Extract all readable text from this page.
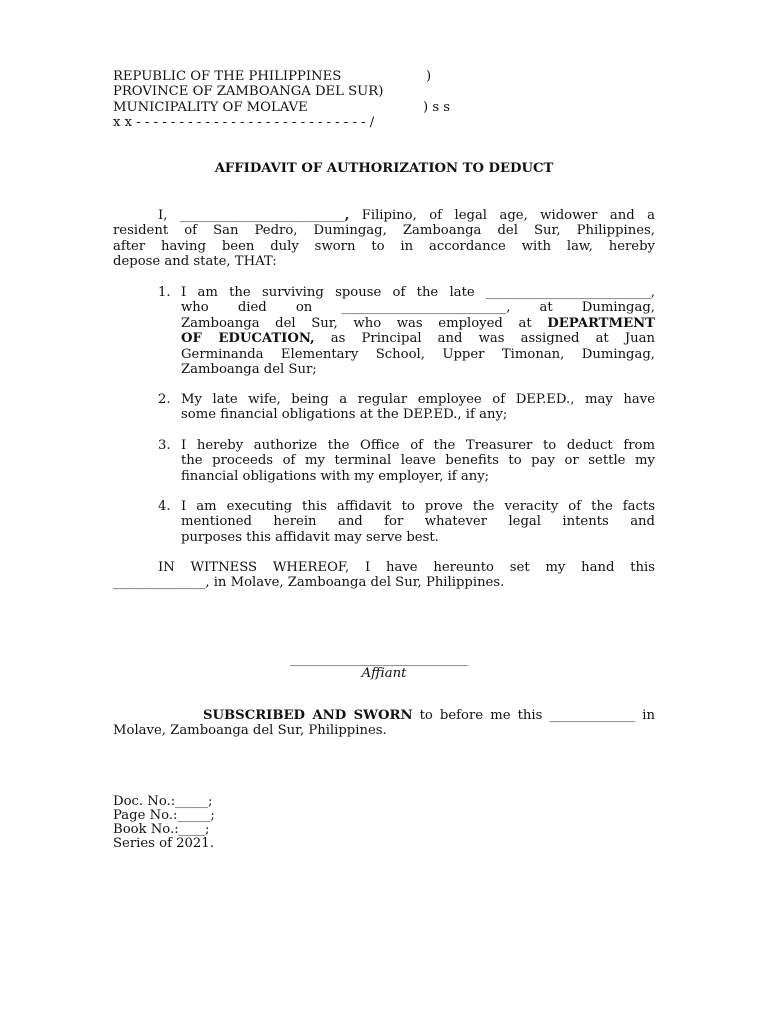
REPUBLIC OF THE PHILIPPINES	)
PROVINCE OF ZAMBOANGA DEL SUR)
MUNICIPALITY OF MOLAVE	) s s
x x - - - - - - - - - - - - - - - - - - - - - - - - - - - /
AFFIDAVIT OF AUTHORIZATION TO DEDUCT
I, _________________________, Filipino, of legal age, widower and a
resident of San Pedro, Dumingag, Zamboanga del Sur, Philippines,
after having been duly sworn to in accordance with law, hereby
depose and state, THAT:
1. I am the surviving spouse of the late _________________________,
who died on _________________________, at Dumingag,
Zamboanga del Sur, who was employed at DEPARTMENT
OF EDUCATION, as Principal and was assigned at Juan
Germinanda Elementary School, Upper Timonan, Dumingag,
Zamboanga del Sur;
2. My late wife, being a regular employee of DEP.ED., may have
some financial obligations at the DEP.ED., if any;
3. I hereby authorize the Office of the Treasurer to deduct from
the proceeds of my terminal leave benefits to pay or settle my
financial obligations with my employer, if any;
4. I am executing this affidavit to prove the veracity of the facts
mentioned herein and for whatever legal intents and
purposes this affidavit may serve best.
IN WITNESS WHEREOF, I have hereunto set my hand this
______________, in Molave, Zamboanga del Sur, Philippines.
___________________________
Affiant
SUBSCRIBED AND SWORN to before me this _____________ in
Molave, Zamboanga del Sur, Philippines.
Doc. No.:_____;
Page No.:_____;
Book No.:____;
Series of 2021.
